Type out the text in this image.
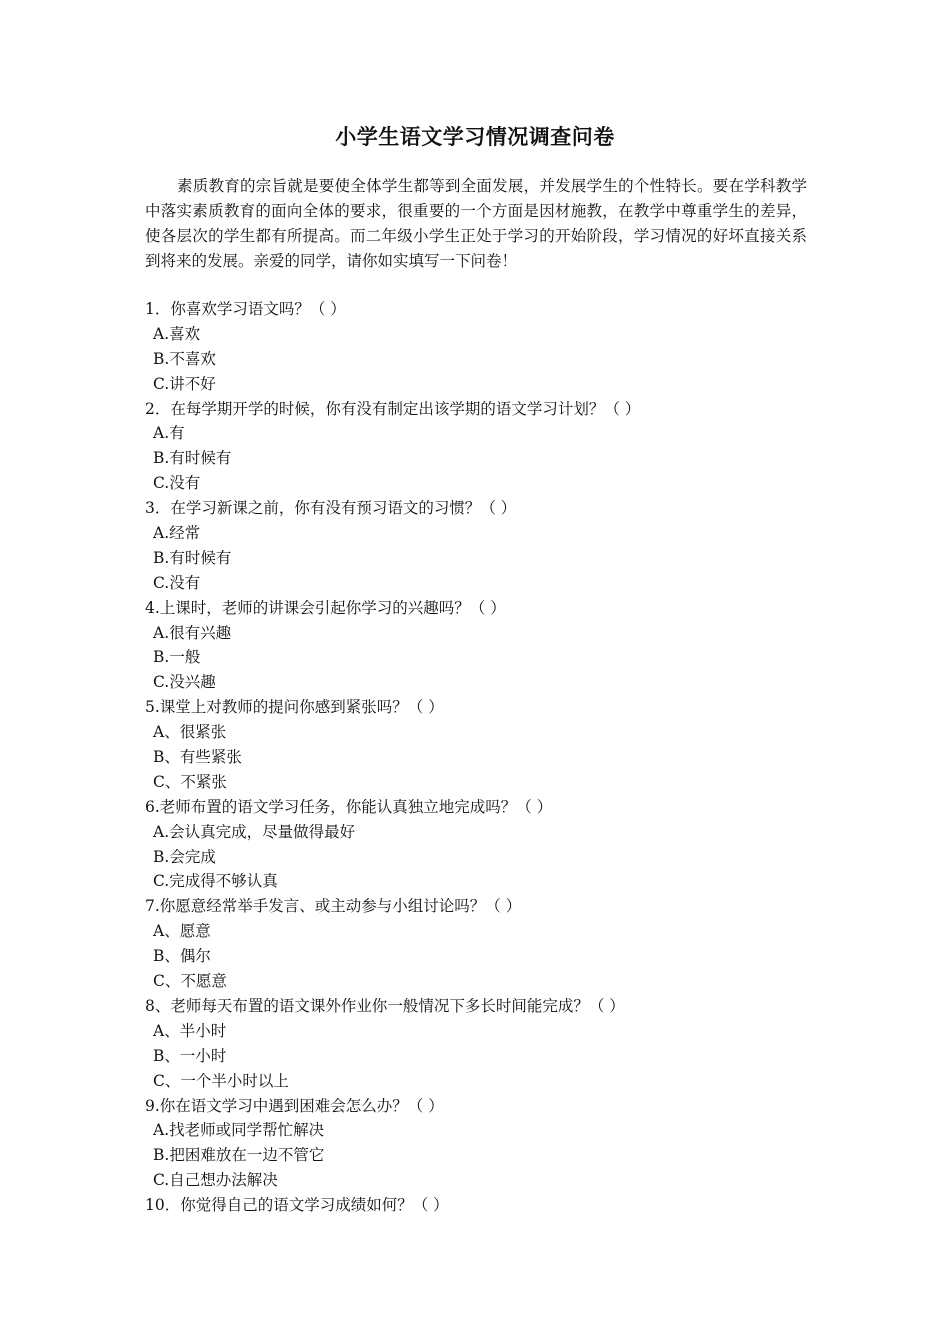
小学生语文学习情况调查问卷

素质教育的宗旨就是要使全体学生都等到全面发展，并发展学生的个性特长。要在学科教学中落实素质教育的面向全体的要求，很重要的一个方面是因材施教，在教学中尊重学生的差异，使各层次的学生都有所提高。而二年级小学生正处于学习的开始阶段，学习情况的好坏直接关系到将来的发展。亲爱的同学，请你如实填写一下问卷！

1．你喜欢学习语文吗？（ ）
A.喜欢
B.不喜欢
C.讲不好
2．在每学期开学的时候，你有没有制定出该学期的语文学习计划？（ ）
A.有
B.有时候有
C.没有
3．在学习新课之前，你有没有预习语文的习惯？（ ）
A.经常
B.有时候有
C.没有
4.上课时，老师的讲课会引起你学习的兴趣吗？（ ）
A.很有兴趣
B.一般
C.没兴趣
5.课堂上对教师的提问你感到紧张吗？（ ）
A、很紧张
B、有些紧张
C、不紧张
6.老师布置的语文学习任务，你能认真独立地完成吗？（ ）
A.会认真完成，尽量做得最好
B.会完成
C.完成得不够认真
7.你愿意经常举手发言、或主动参与小组讨论吗？（ ）
A、愿意
B、偶尔
C、不愿意
8、老师每天布置的语文课外作业你一般情况下多长时间能完成？（ ）
A、半小时
B、一小时
C、一个半小时以上
9.你在语文学习中遇到困难会怎么办？（ ）
A.找老师或同学帮忙解决
B.把困难放在一边不管它
C.自己想办法解决
10．你觉得自己的语文学习成绩如何？（ ）
